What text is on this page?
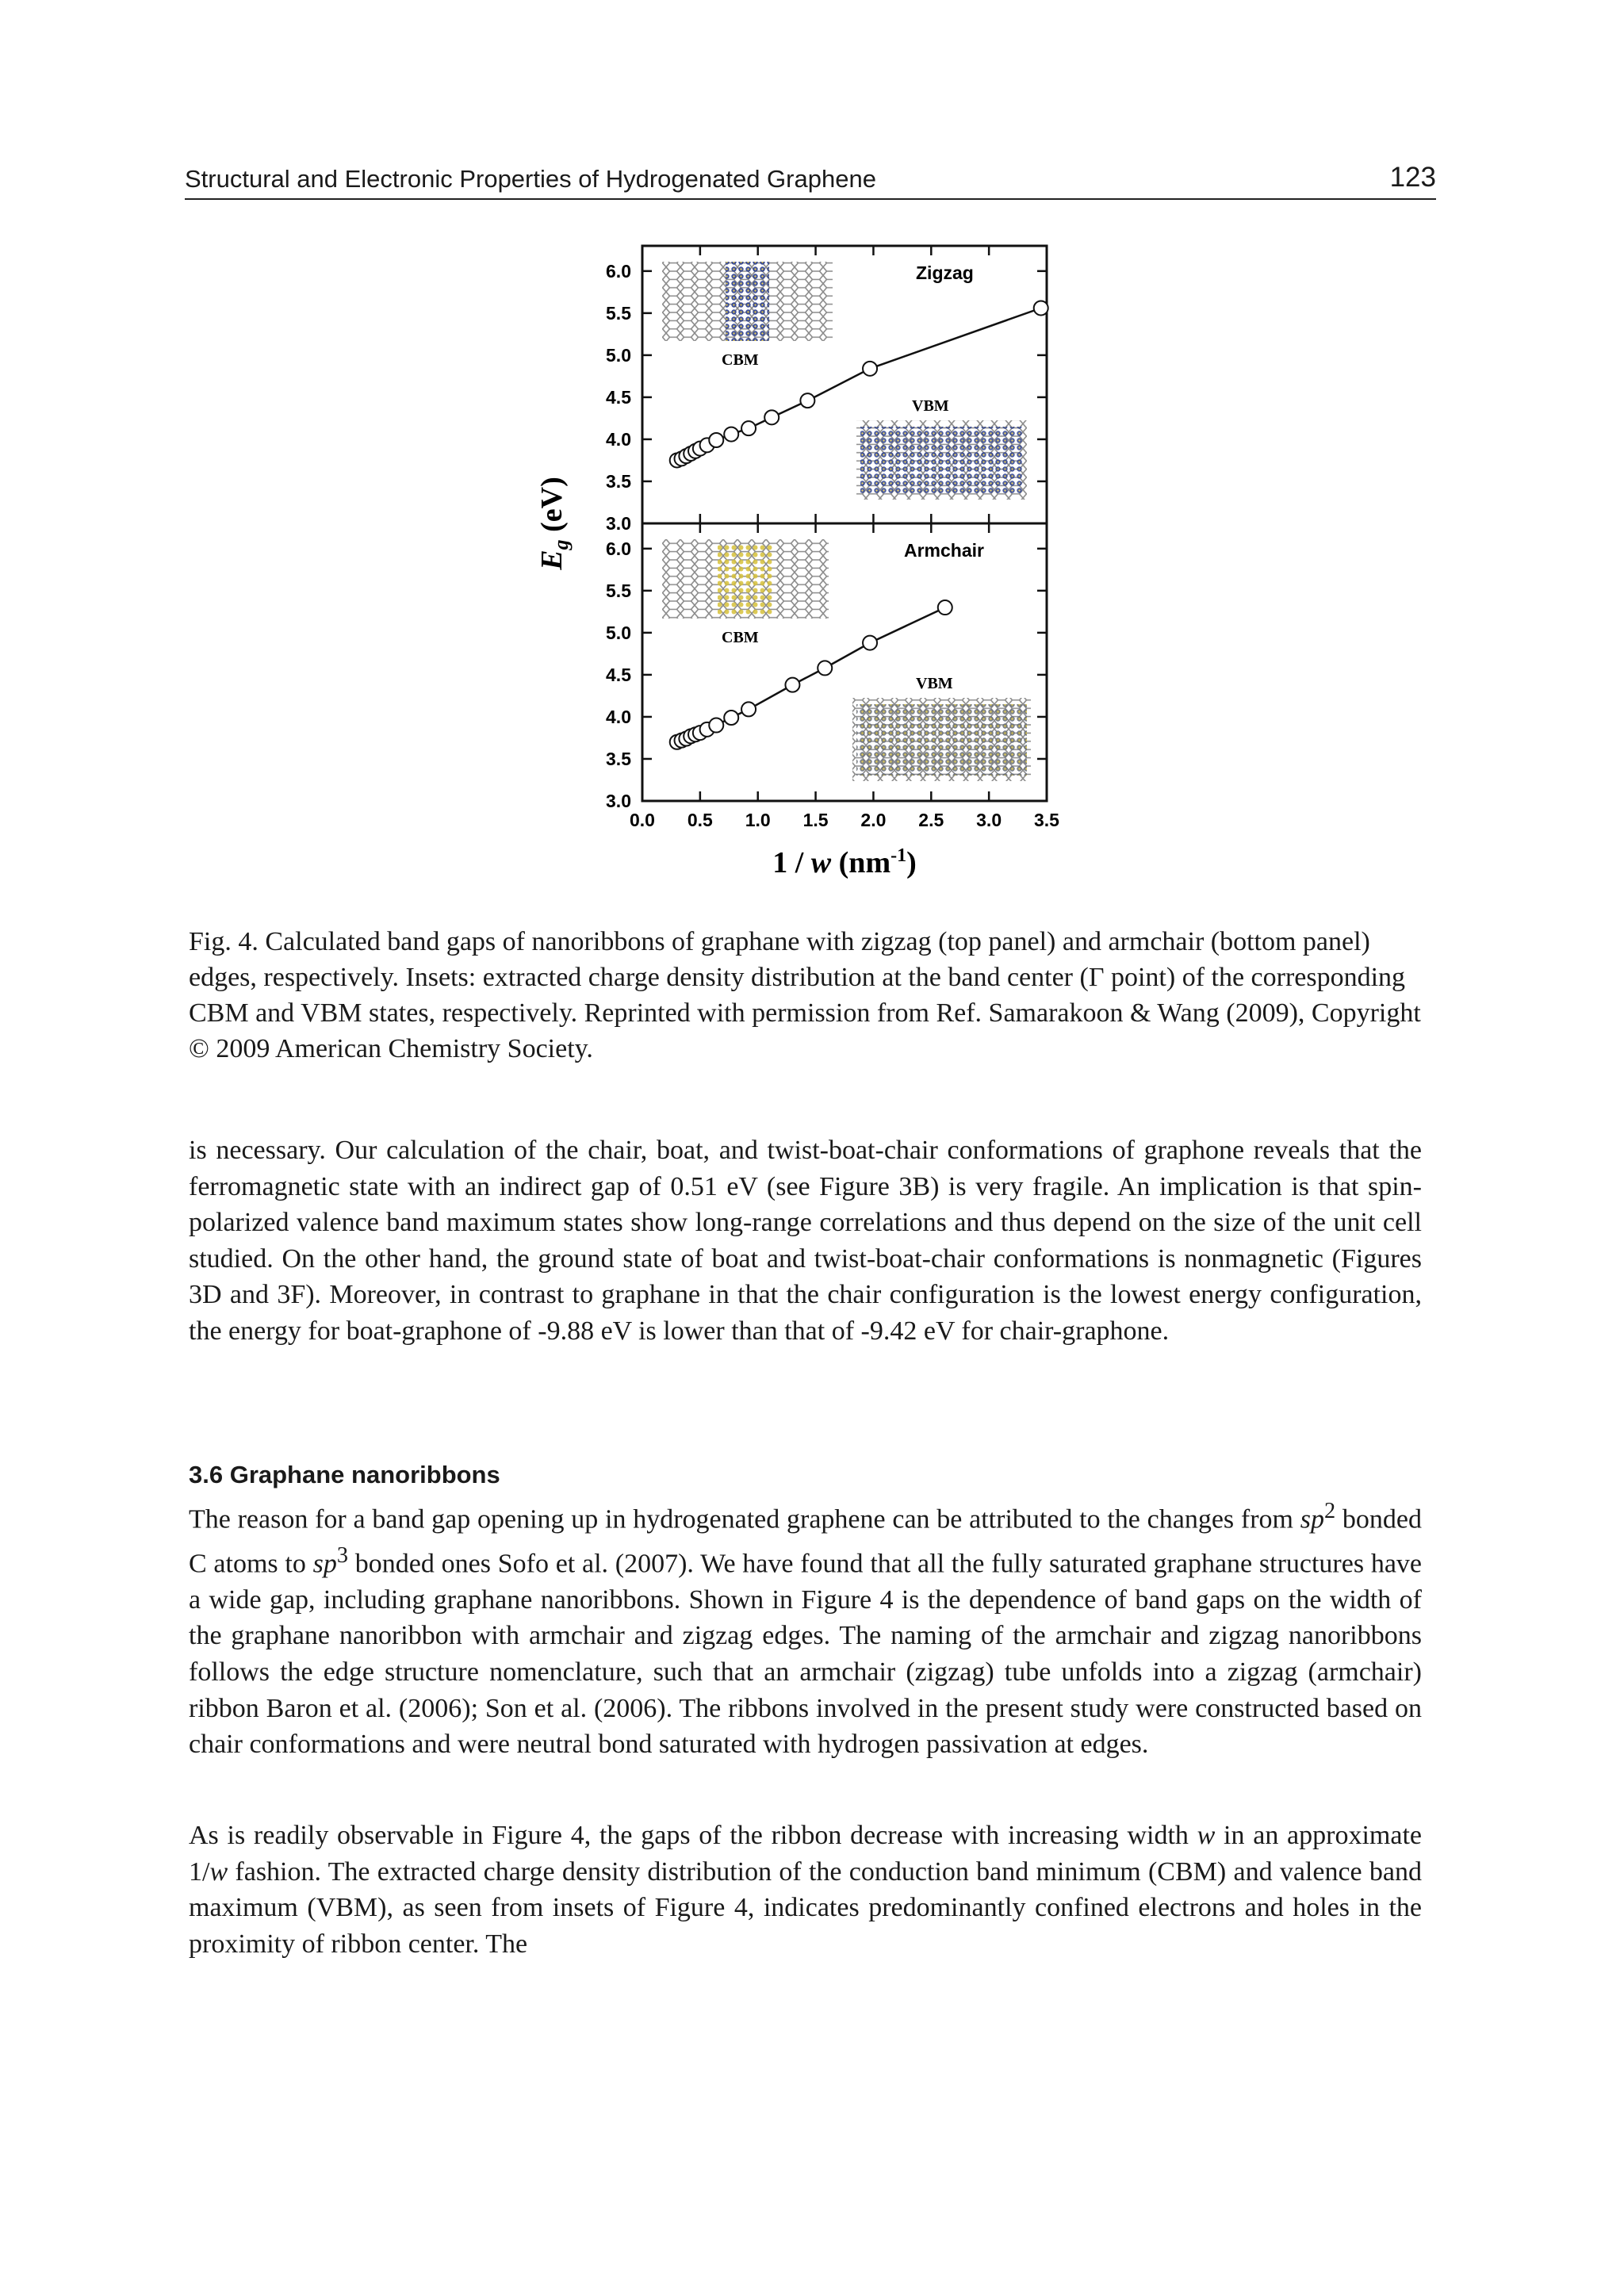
Structural and Electronic Properties of Hydrogenated Graphene	123
3.0
3.5
4.0
4.5
5.0
5.5
6.0
CBM
VBM
Zigzag
3.0
3.5
4.0
4.5
5.0
5.5
6.0
CBM
VBM
Armchair
0.0 0.5 1.0 1.5 2.0 2.5 3.0 3.5
$E_g$ (eV)
1 / w $(nm^{-1})$

Fig. 4. Calculated band gaps of nanoribbons of graphane with zigzag (top panel) and armchair (bottom panel) edges, respectively. Insets: extracted charge density distribution at the band center (Γ point) of the corresponding CBM and VBM states, respectively. Reprinted with permission from Ref. Samarakoon & Wang (2009), Copyright © 2009 American Chemistry Society.

is necessary. Our calculation of the chair, boat, and twist-boat-chair conformations of graphone reveals that the ferromagnetic state with an indirect gap of 0.51 eV (see Figure 3B) is very fragile. An implication is that spin-polarized valence band maximum states show long-range correlations and thus depend on the size of the unit cell studied. On the other hand, the ground state of boat and twist-boat-chair conformations is nonmagnetic (Figures 3D and 3F). Moreover, in contrast to graphane in that the chair configuration is the lowest energy configuration, the energy for boat-graphone of -9.88 eV is lower than that of -9.42 eV for chair-graphone.

3.6 Graphane nanoribbons

The reason for a band gap opening up in hydrogenated graphene can be attributed to the changes from $sp^2$ bonded C atoms to $sp^3$ bonded ones Sofo et al. (2007). We have found that all the fully saturated graphane structures have a wide gap, including graphane nanoribbons. Shown in Figure 4 is the dependence of band gaps on the width of the graphane nanoribbon with armchair and zigzag edges. The naming of the armchair and zigzag nanoribbons follows the edge structure nomenclature, such that an armchair (zigzag) tube unfolds into a zigzag (armchair) ribbon Baron et al. (2006); Son et al. (2006). The ribbons involved in the present study were constructed based on chair conformations and were neutral bond saturated with hydrogen passivation at edges.

As is readily observable in Figure 4, the gaps of the ribbon decrease with increasing width w in an approximate 1/w fashion. The extracted charge density distribution of the conduction band minimum (CBM) and valence band maximum (VBM), as seen from insets of Figure 4, indicates predominantly confined electrons and holes in the proximity of ribbon center. The
